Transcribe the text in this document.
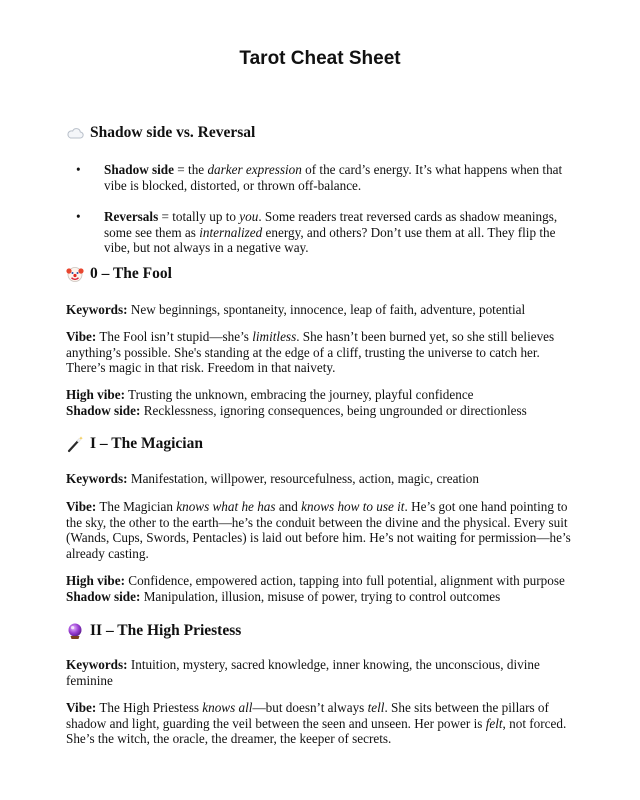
Tarot Cheat Sheet
Shadow side vs. Reversal
• Shadow side = the darker expression of the card’s energy. It’s what happens when that vibe is blocked, distorted, or thrown off-balance.
• Reversals = totally up to you. Some readers treat reversed cards as shadow meanings, some see them as internalized energy, and others? Don’t use them at all. They flip the vibe, but not always in a negative way.
0 – The Fool
Keywords: New beginnings, spontaneity, innocence, leap of faith, adventure, potential
Vibe: The Fool isn’t stupid—she’s limitless. She hasn’t been burned yet, so she still believes anything’s possible. She's standing at the edge of a cliff, trusting the universe to catch her. There’s magic in that risk. Freedom in that naivety.
High vibe: Trusting the unknown, embracing the journey, playful confidence
Shadow side: Recklessness, ignoring consequences, being ungrounded or directionless
I – The Magician
Keywords: Manifestation, willpower, resourcefulness, action, magic, creation
Vibe: The Magician knows what he has and knows how to use it. He’s got one hand pointing to the sky, the other to the earth—he’s the conduit between the divine and the physical. Every suit (Wands, Cups, Swords, Pentacles) is laid out before him. He’s not waiting for permission—he’s already casting.
High vibe: Confidence, empowered action, tapping into full potential, alignment with purpose
Shadow side: Manipulation, illusion, misuse of power, trying to control outcomes
II – The High Priestess
Keywords: Intuition, mystery, sacred knowledge, inner knowing, the unconscious, divine feminine
Vibe: The High Priestess knows all—but doesn’t always tell. She sits between the pillars of shadow and light, guarding the veil between the seen and unseen. Her power is felt, not forced. She’s the witch, the oracle, the dreamer, the keeper of secrets.
